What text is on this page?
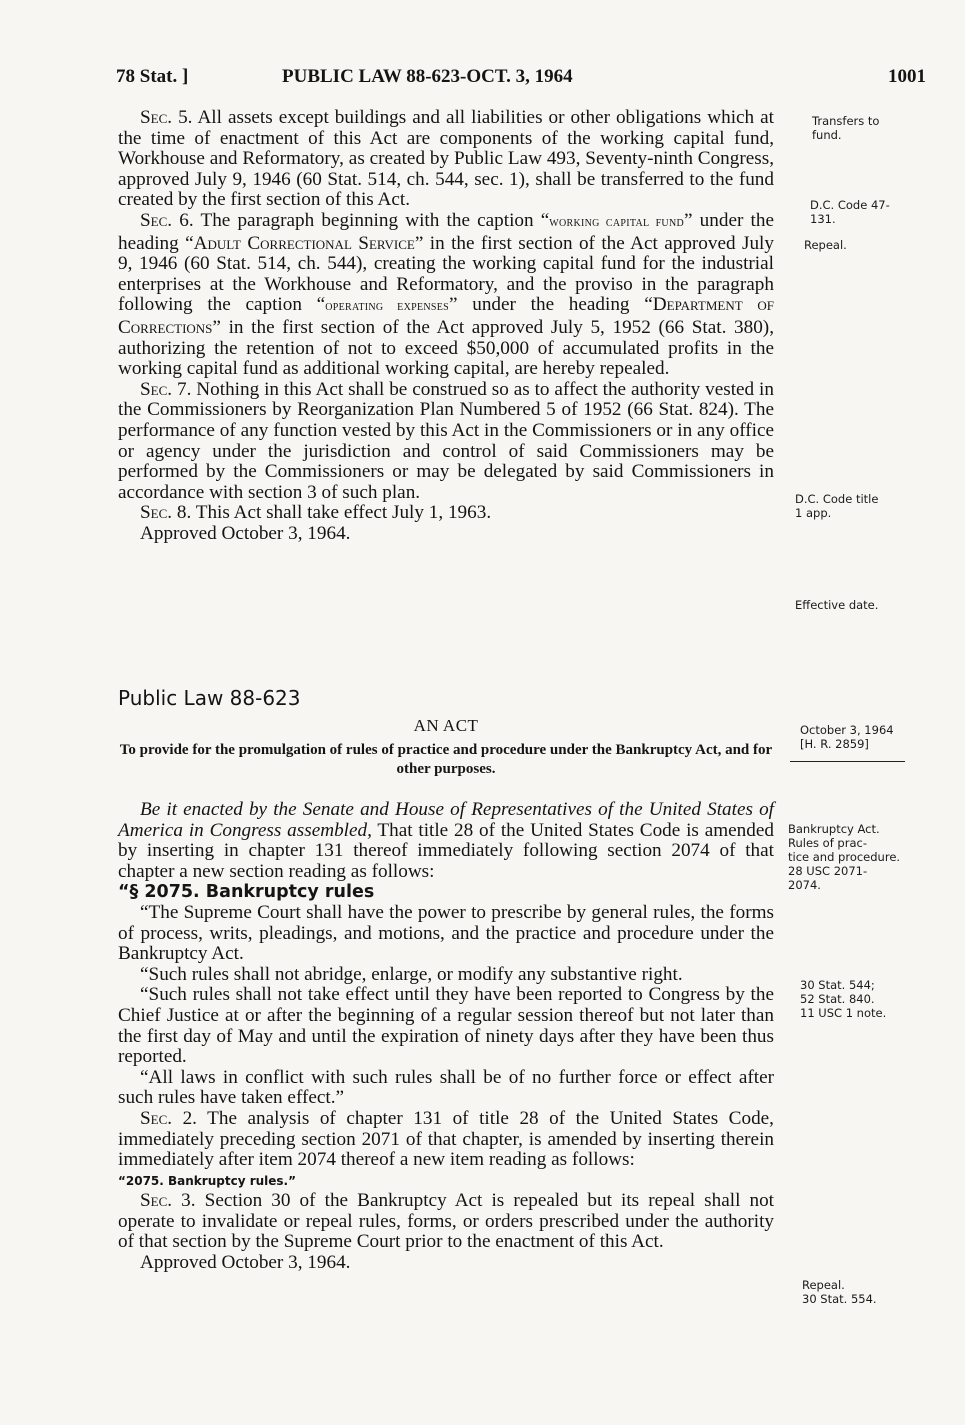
78 Stat. ]	PUBLIC LAW 88-623-OCT. 3, 1964	1001

Sec. 5. All assets except buildings and all liabilities or other obligations which at the time of enactment of this Act are components of the working capital fund, Workhouse and Reformatory, as created by Public Law 493, Seventy-ninth Congress, approved July 9, 1946 (60 Stat. 514, ch. 544, sec. 1), shall be transferred to the fund created by the first section of this Act.

Sec. 6. The paragraph beginning with the caption “working capital fund” under the heading “Adult Correctional Service” in the first section of the Act approved July 9, 1946 (60 Stat. 514, ch. 544), creating the working capital fund for the industrial enterprises at the Workhouse and Reformatory, and the proviso in the paragraph following the caption “operating expenses” under the heading “Department of Corrections” in the first section of the Act approved July 5, 1952 (66 Stat. 380), authorizing the retention of not to exceed $50,000 of accumulated profits in the working capital fund as additional working capital, are hereby repealed.

Sec. 7. Nothing in this Act shall be construed so as to affect the authority vested in the Commissioners by Reorganization Plan Numbered 5 of 1952 (66 Stat. 824). The performance of any function vested by this Act in the Commissioners or in any office or agency under the jurisdiction and control of said Commissioners may be performed by the Commissioners or may be delegated by said Commissioners in accordance with section 3 of such plan.

Sec. 8. This Act shall take effect July 1, 1963.

Approved October 3, 1964.

Public Law 88-623
AN ACT
To provide for the promulgation of rules of practice and procedure under the Bankruptcy Act, and for other purposes.

Be it enacted by the Senate and House of Representatives of the United States of America in Congress assembled, That title 28 of the United States Code is amended by inserting in chapter 131 thereof immediately following section 2074 of that chapter a new section reading as follows:

“§ 2075. Bankruptcy rules

“The Supreme Court shall have the power to prescribe by general rules, the forms of process, writs, pleadings, and motions, and the practice and procedure under the Bankruptcy Act.

“Such rules shall not abridge, enlarge, or modify any substantive right.

“Such rules shall not take effect until they have been reported to Congress by the Chief Justice at or after the beginning of a regular session thereof but not later than the first day of May and until the expiration of ninety days after they have been thus reported.

“All laws in conflict with such rules shall be of no further force or effect after such rules have taken effect.”

Sec. 2. The analysis of chapter 131 of title 28 of the United States Code, immediately preceding section 2071 of that chapter, is amended by inserting therein immediately after item 2074 thereof a new item reading as follows:

“2075. Bankruptcy rules.”

Sec. 3. Section 30 of the Bankruptcy Act is repealed but its repeal shall not operate to invalidate or repeal rules, forms, or orders prescribed under the authority of that section by the Supreme Court prior to the enactment of this Act.

Approved October 3, 1964.

Transfers to
fund.
D.C. Code 47-
131.
Repeal.
D.C. Code title
1 app.
Effective date.
October 3, 1964
[H. R. 2859]
Bankruptcy Act.
Rules of prac-
tice and procedure.
28 USC 2071-
2074.
30 Stat. 544;
52 Stat. 840.
11 USC 1 note.
Repeal.
30 Stat. 554.
